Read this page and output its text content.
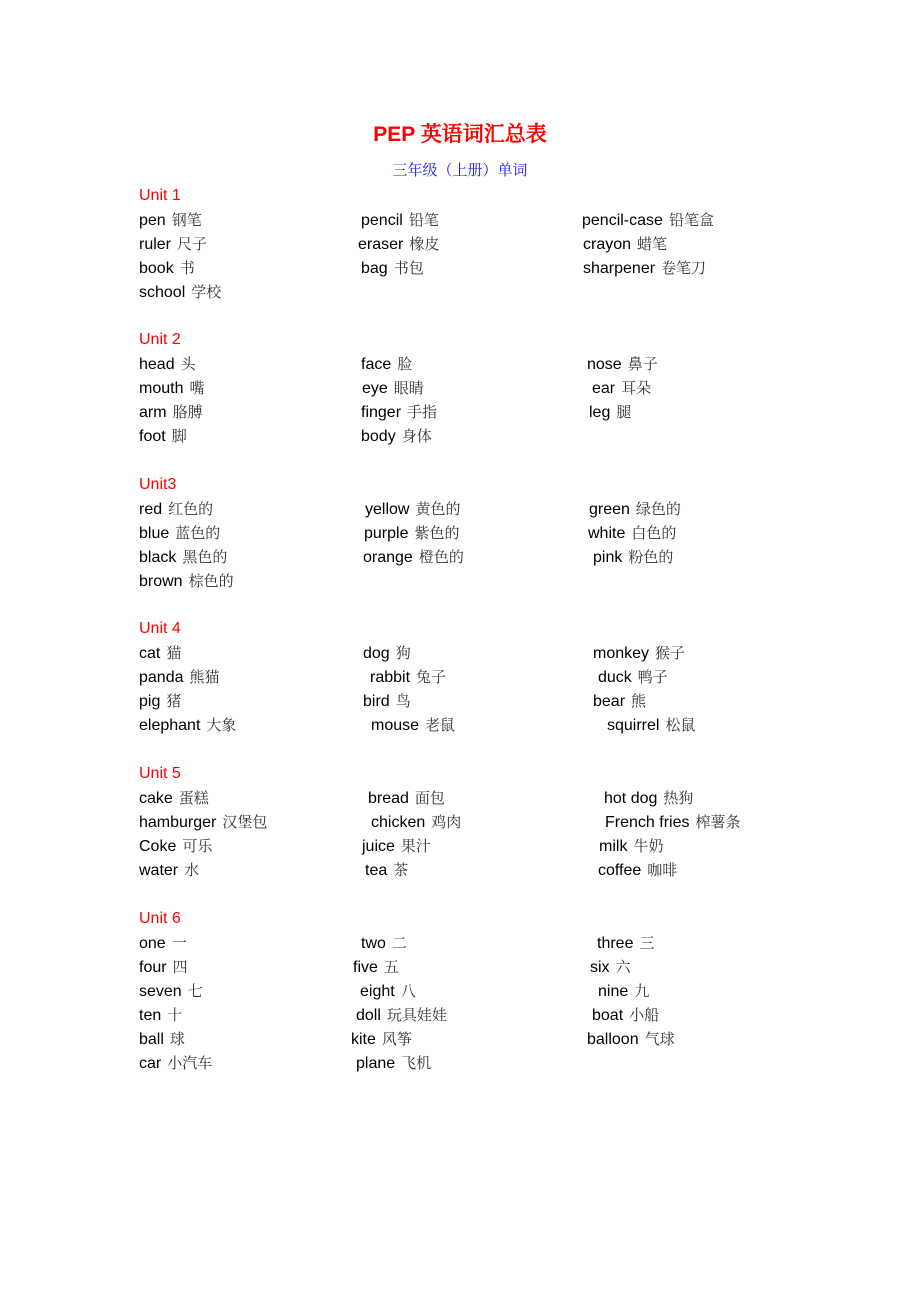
PEP 英语词汇总表
三年级（上册）单词
Unit 1
pen 钢笔	pencil 铅笔	pencil-case 铅笔盒
ruler 尺子	eraser 橡皮	crayon 蜡笔
book 书	bag 书包	sharpener 卷笔刀
school 学校
Unit 2
head 头	face 脸	nose 鼻子
mouth 嘴	eye 眼睛	ear 耳朵
arm 胳膊	finger 手指	leg 腿
foot 脚	body 身体
Unit3
red 红色的	yellow 黄色的	green 绿色的
blue 蓝色的	purple 紫色的	white 白色的
black 黑色的	orange 橙色的	pink 粉色的
brown 棕色的
Unit 4
cat 猫	dog 狗	monkey 猴子
panda 熊猫	rabbit 兔子	duck 鸭子
pig 猪	bird 鸟	bear 熊
elephant 大象	mouse 老鼠	squirrel 松鼠
Unit 5
cake 蛋糕	bread 面包	hot dog 热狗
hamburger 汉堡包	chicken 鸡肉	French fries 榨薯条
Coke 可乐	juice 果汁	milk 牛奶
water 水	tea 茶	coffee 咖啡
Unit 6
one 一	two 二	three 三
four 四	five 五	six 六
seven 七	eight 八	nine 九
ten 十	doll 玩具娃娃	boat 小船
ball 球	kite 风筝	balloon 气球
car 小汽车	plane 飞机
